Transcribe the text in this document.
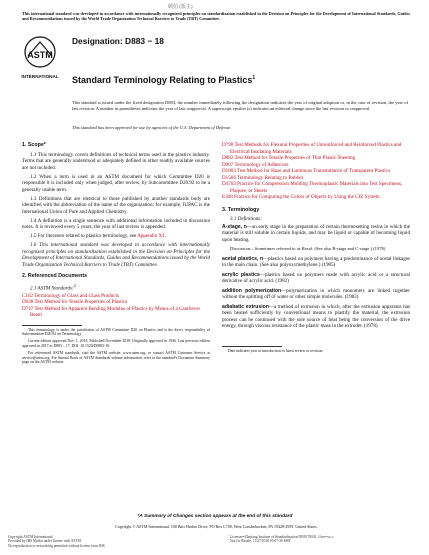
顾伯 (版主)
This international standard was developed in accordance with internationally recognized principles on standardization established in the Decision on Principles for the Development of International Standards, Guides and Recommendations issued by the World Trade Organization Technical Barriers to Trade (TBT) Committee.
ASTM
INTERNATIONAL
Designation: D883 − 18
Standard Terminology Relating to Plastics$^1$
This standard is issued under the fixed designation D883; the number immediately following the designation indicates the year of original adoption or, in the case of revision, the year of last revision. A number in parentheses indicates the year of last reapproval. A superscript epsilon (ε) indicates an editorial change since the last revision or reapproval.
This standard has been approved for use by agencies of the U.S. Department of Defense.
1. Scope*

1.1 This terminology covers definitions of technical terms used in the plastics industry. Terms that are generally understood or adequately defined in other readily available sources are not included.

1.2 When a term is used in an ASTM document for which Committee D20 is responsible it is included only when judged, after review, by Subcommittee D20.92 to be a generally usable term.

1.3 Definitions that are identical to those published by another standards body are identified with the abbreviation of the name of the organization; for example, IUPAC is the International Union of Pure and Applied Chemistry.

1.4 A definition is a single sentence with additional information included in discussion notes. It is reviewed every 5 years; the year of last review is appended.

1.5 For literature related to plastics terminology, see Appendix X1.

1.6 This international standard was developed in accordance with internationally recognized principles on standardization established in the Decision on Principles for the Development of International Standards, Guides and Recommendations issued by the World Trade Organization Technical Barriers to Trade (TBT) Committee.

2. Referenced Documents
2.1 ASTM Standards:$^2$
C162 Terminology of Glass and Glass Products
D638 Test Method for Tensile Properties of Plastics
D747 Test Method for Apparent Bending Modulus of Plastics by Means of a Cantilever Beam

This terminology is under the jurisdiction of ASTM Committee D20 on Plastics and is the direct responsibility of Subcommittee D20.92 on Terminology.

Current edition approved Nov. 1, 2018. Published November 2018. Originally approved in 1946. Last previous edition approved in 2017 as D883 – 17. DOI: 10.1520/D0883-18.

For referenced ASTM standards, visit the ASTM website, www.astm.org, or contact ASTM Customer Service at service@astm.org. For Annual Book of ASTM Standards volume information, refer to the standard's Document Summary page on the ASTM website.

D790 Test Methods for Flexural Properties of Unreinforced and Reinforced Plastics and Electrical Insulating Materials
D882 Test Method for Tensile Properties of Thin Plastic Sheeting
D907 Terminology of Adhesives
D1003 Test Method for Haze and Luminous Transmittance of Transparent Plastics
D1566 Terminology Relating to Rubber
D4703 Practice for Compression Molding Thermoplastic Materials into Test Specimens, Plaques, or Sheets
E308 Practice for Computing the Colors of Objects by Using the CIE System
3. Terminology
3.1 Definitions:

A-stage, n—an early stage in the preparation of certain thermosetting resins in which the material is still soluble in certain liquids, and may be liquid or capable of becoming liquid upon heating.

Discussion—Sometimes referred to as Resol. (See also B-stage and C-stage.) (1978)

acetal plastics, n—plastics based on polymers having a predominance of acetal linkages in the main chain. (See also polyoxymethylene.) (1985)

acrylic plastics—plastics based on polymers made with acrylic acid or a structural derivative of acrylic acid. (1982)

addition polymerization—polymerization in which monomers are linked together without the splitting off of water or other simple molecules. (1983)

adiabatic extrusion—a method of extrusion in which, after the extrusion apparatus has been heated sufficiently by conventional means to plastify the material, the extrusion process can be continued with the sole source of heat being the conversion of the drive energy, through viscous resistance of the plastic mass in the extruder. (1978)

Date indicates year of introduction or latest review or revision.

*A Summary of Changes section appears at the end of this standard
Copyright © ASTM International, 100 Barr Harbor Drive, PO Box C700, West Conshohocken, PA 19428-2959. United States
Copyright ASTM International
Provided by IHS Markit under license with ASTM
No reproduction or networking permitted without license from IHS
Licensee=Zhejiang Institute of Standardization/5958170001, User=xx, r
Not for Resale, 11/27/2018 05:07:30 MST
